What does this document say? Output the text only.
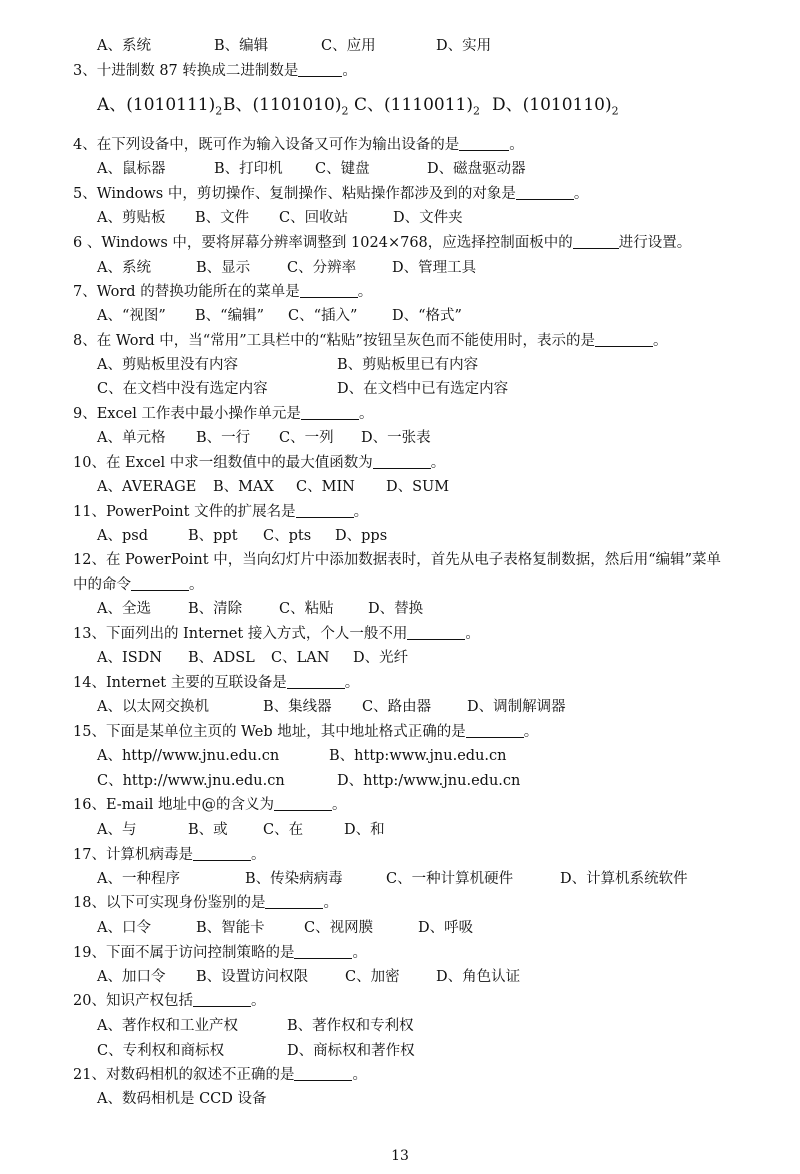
A、系统	B、编辑	C、应用	D、实用
3、十进制数 87 转换成二进制数是	。
A、$(1010111)_2$ B、$(1101010)_2$ C、$(1110011)_2$ D、$(1010110)_2$
4、在下列设备中，既可作为输入设备又可作为输出设备的是	。
A、鼠标器	B、打印机 C、键盘	D、磁盘驱动器
5、Windows 中，剪切操作、复制操作、粘贴操作都涉及到的对象是	。
A、剪贴板 B、文件 C、回收站	D、文件夹
6 、Windows 中，要将屏幕分辨率调整到 1024×768，应选择控制面板中的	进行设置。
A、系统	B、显示	C、分辨率 D、管理工具
7、Word 的替换功能所在的菜单是	。
A、“视图” B、“编辑” C、“插入” D、“格式”
8、在 Word 中，当“常用”工具栏中的“粘贴”按钮呈灰色而不能使用时，表示的是	。
A、剪贴板里没有内容	B、剪贴板里已有内容
C、在文档中没有选定内容	D、在文档中已有选定内容
9、Excel 工作表中最小操作单元是	。
A、单元格 B、一行 C、一列 D、一张表
10、在 Excel 中求一组数值中的最大值函数为	。
A、AVERAGE B、MAX C、MIN D、SUM
11、PowerPoint 文件的扩展名是	。
A、psd	B、ppt C、pts D、pps
12、在 PowerPoint 中，当向幻灯片中添加数据表时，首先从电子表格复制数据，然后用“编辑”菜单中的命令	。
A、全选	B、清除	C、粘贴 D、替换
13、下面列出的 Internet 接入方式，个人一般不用	。
A、ISDN B、ADSL C、LAN D、光纤
14、Internet 主要的互联设备是	。
A、以太网交换机	B、集线器 C、路由器 D、调制解调器
15、下面是某单位主页的 Web 地址，其中地址格式正确的是	。
A、http//www.jnu.edu.cn	B、http:www.jnu.edu.cn
C、http://www.jnu.edu.cn	D、http:/www.jnu.edu.cn
16、E-mail 地址中@的含义为	。
A、与	B、或 C、在	D、和
17、计算机病毒是	。
A、一种程序	B、传染病病毒	C、一种计算机硬件	D、计算机系统软件
18、以下可实现身份鉴别的是	。
A、口令	B、智能卡	C、视网膜	D、呼吸
19、下面不属于访问控制策略的是	。
A、加口令 B、设置访问权限	C、加密	D、角色认证
20、知识产权包括	。
A、著作权和工业产权	B、著作权和专利权
C、专利权和商标权	D、商标权和著作权
21、对数码相机的叙述不正确的是	。
A、数码相机是 CCD 设备
13
